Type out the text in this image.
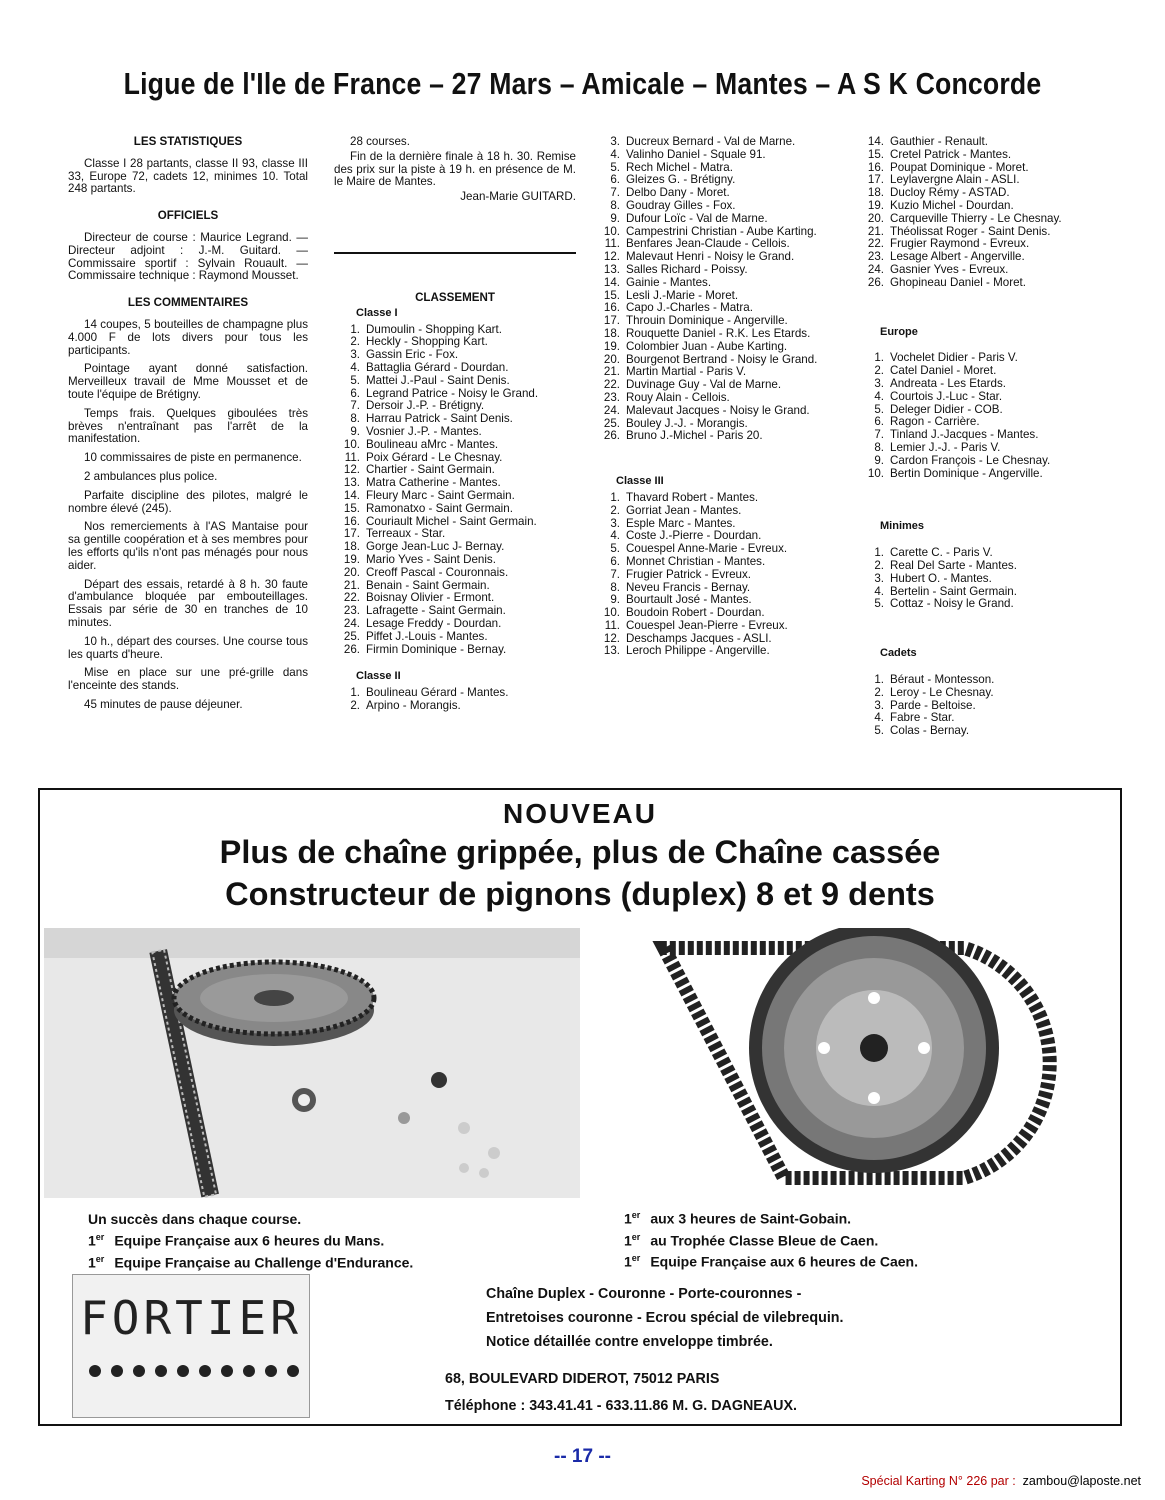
Ligue de l'Ile de France – 27 Mars – Amicale – Mantes – A S K Concorde
LES STATISTIQUES

Classe I 28 partants, classe II 93, classe III 33, Europe 72, cadets 12, minimes 10. Total 248 partants.

OFFICIELS

Directeur de course : Maurice Legrand. — Directeur adjoint : J.-M. Guitard. — Commissaire sportif : Sylvain Rouault. — Commissaire technique : Raymond Mousset.

LES COMMENTAIRES

14 coupes, 5 bouteilles de champagne plus 4.000 F de lots divers pour tous les participants.

Pointage ayant donné satisfaction. Merveilleux travail de Mme Mousset et de toute l'équipe de Brétigny.

Temps frais. Quelques giboulées très brèves n'entraînant pas l'arrêt de la manifestation.

10 commissaires de piste en permanence.

2 ambulances plus police.

Parfaite discipline des pilotes, malgré le nombre élevé (245).

Nos remerciements à l'AS Mantaise pour sa gentille coopération et à ses membres pour les efforts qu'ils n'ont pas ménagés pour nous aider.

Départ des essais, retardé à 8 h. 30 faute d'ambulance bloquée par embouteillages. Essais par série de 30 en tranches de 10 minutes.

10 h., départ des courses. Une course tous les quarts d'heure.

Mise en place sur une pré-grille dans l'enceinte des stands.

45 minutes de pause déjeuner.

28 courses.

Fin de la dernière finale à 18 h. 30. Remise des prix sur la piste à 19 h. en présence de M. le Maire de Mantes.

Jean-Marie GUITARD.
CLASSEMENT
Classe I
1. Dumoulin - Shopping Kart.
2. Heckly - Shopping Kart.
3. Gassin Eric - Fox.
4. Battaglia Gérard - Dourdan.
5. Mattei J.-Paul - Saint Denis.
6. Legrand Patrice - Noisy le Grand.
7. Dersoir J.-P. - Brétigny.
8. Harrau Patrick - Saint Denis.
9. Vosnier J.-P. - Mantes.
10. Boulineau aMrc - Mantes.
11. Poix Gérard - Le Chesnay.
12. Chartier - Saint Germain.
13. Matra Catherine - Mantes.
14. Fleury Marc - Saint Germain.
15. Ramonatxo - Saint Germain.
16. Couriault Michel - Saint Germain.
17. Terreaux - Star.
18. Gorge Jean-Luc J- Bernay.
19. Mario Yves - Saint Denis.
20. Creoff Pascal - Couronnais.
21. Benain - Saint Germain.
22. Boisnay Olivier - Ermont.
23. Lafragette - Saint Germain.
24. Lesage Freddy - Dourdan.
25. Piffet J.-Louis - Mantes.
26. Firmin Dominique - Bernay.
Classe II
1. Boulineau Gérard - Mantes.
2. Arpino - Morangis.
3. Ducreux Bernard - Val de Marne.
4. Valinho Daniel - Squale 91.
5. Rech Michel - Matra.
6. Gleizes G. - Brétigny.
7. Delbo Dany - Moret.
8. Goudray Gilles - Fox.
9. Dufour Loïc - Val de Marne.
10. Campestrini Christian - Aube Karting.
11. Benfares Jean-Claude - Cellois.
12. Malevaut Henri - Noisy le Grand.
13. Salles Richard - Poissy.
14. Gainie - Mantes.
15. Lesli J.-Marie - Moret.
16. Capo J.-Charles - Matra.
17. Throuin Dominique - Angerville.
18. Rouquette Daniel - R.K. Les Etards.
19. Colombier Juan - Aube Karting.
20. Bourgenot Bertrand - Noisy le Grand.
21. Martin Martial - Paris V.
22. Duvinage Guy - Val de Marne.
23. Rouy Alain - Cellois.
24. Malevaut Jacques - Noisy le Grand.
25. Bouley J.-J. - Morangis.
26. Bruno J.-Michel - Paris 20.
Classe III
1. Thavard Robert - Mantes.
2. Gorriat Jean - Mantes.
3. Esple Marc - Mantes.
4. Coste J.-Pierre - Dourdan.
5. Couespel Anne-Marie - Evreux.
6. Monnet Christian - Mantes.
7. Frugier Patrick - Evreux.
8. Neveu Francis - Bernay.
9. Bourtault José - Mantes.
10. Boudoin Robert - Dourdan.
11. Couespel Jean-Pierre - Evreux.
12. Deschamps Jacques - ASLI.
13. Leroch Philippe - Angerville.
14. Gauthier - Renault.
15. Cretel Patrick - Mantes.
16. Poupat Dominique - Moret.
17. Leylavergne Alain - ASLI.
18. Ducloy Rémy - ASTAD.
19. Kuzio Michel - Dourdan.
20. Carqueville Thierry - Le Chesnay.
21. Théolissat Roger - Saint Denis.
22. Frugier Raymond - Evreux.
23. Lesage Albert - Angerville.
24. Gasnier Yves - Evreux.
26. Ghopineau Daniel - Moret.
Europe
1. Vochelet Didier - Paris V.
2. Catel Daniel - Moret.
3. Andreata - Les Etards.
4. Courtois J.-Luc - Star.
5. Deleger Didier - COB.
6. Ragon - Carrière.
7. Tinland J.-Jacques - Mantes.
8. Lemier J.-J. - Paris V.
9. Cardon François - Le Chesnay.
10. Bertin Dominique - Angerville.
Minimes
1. Carette C. - Paris V.
2. Real Del Sarte - Mantes.
3. Hubert O. - Mantes.
4. Bertelin - Saint Germain.
5. Cottaz - Noisy le Grand.
Cadets
1. Béraut - Montesson.
2. Leroy - Le Chesnay.
3. Parde - Beltoise.
4. Fabre - Star.
5. Colas - Bernay.
NOUVEAU
Plus de chaîne grippée, plus de Chaîne cassée
Constructeur de pignons (duplex) 8 et 9 dents
Un succès dans chaque course.
1er Equipe Française aux 6 heures du Mans.
1er Equipe Française au Challenge d'Endurance.
1er aux 3 heures de Saint-Gobain.
1er au Trophée Classe Bleue de Caen.
1er Equipe Française aux 6 heures de Caen.
FORTIER	Chaîne Duplex - Couronne - Porte-couronnes -
Entretoises couronne - Ecrou spécial de vilebrequin.
Notice détaillée contre enveloppe timbrée.
68, BOULEVARD DIDEROT, 75012 PARIS
Téléphone : 343.41.41 - 633.11.86 M. G. DAGNEAUX.
-- 17 --
Spécial Karting N° 226 par : zambou@laposte.net
